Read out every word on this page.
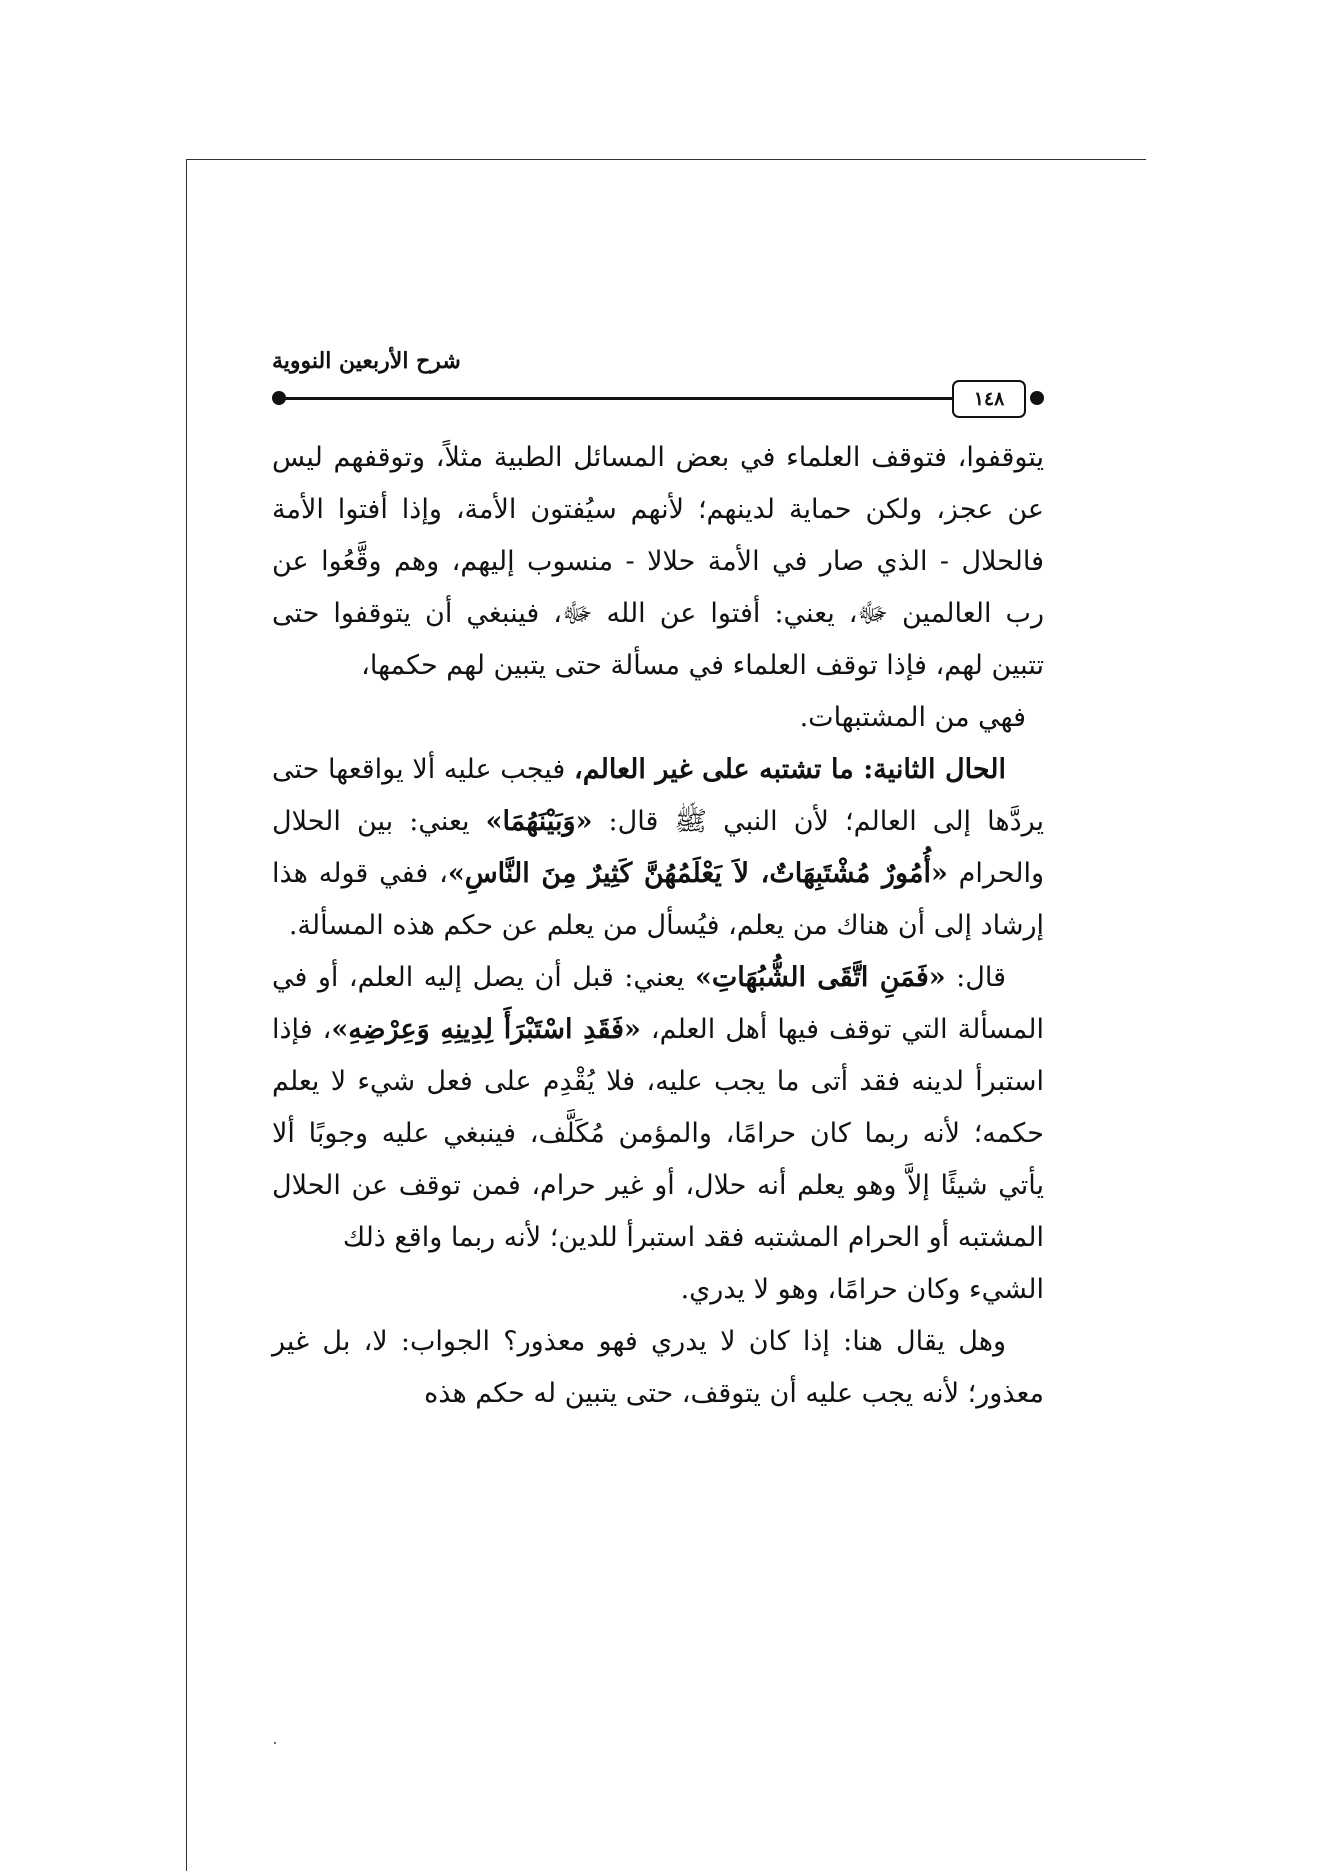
شرح الأربعين النووية
١٤٨

يتوقفوا، فتوقف العلماء في بعض المسائل الطبية مثلاً، وتوقفهم ليس عن عجز، ولكن حماية لدينهم؛ لأنهم سيُفتون الأمة، وإذا أفتوا الأمة فالحلال - الذي صار في الأمة حلالا - منسوب إليهم، وهم وقَّعُوا عن رب العالمين ﷻ، يعني: أفتوا عن الله ﷻ، فينبغي أن يتوقفوا حتى تتبين لهم، فإذا توقف العلماء في مسألة حتى يتبين لهم حكمها،

فهي من المشتبهات.

الحال الثانية: ما تشتبه على غير العالم، فيجب عليه ألا يواقعها حتى يردَّها إلى العالم؛ لأن النبي ﷺ قال: «وَبَيْنَهُمَا» يعني: بين الحلال والحرام «أُمُورٌ مُشْتَبِهَاتٌ، لاَ يَعْلَمُهُنَّ كَثِيرٌ مِنَ النَّاسِ»، ففي قوله هذا إرشاد إلى أن هناك من يعلم، فيُسأل من يعلم عن حكم هذه المسألة.

قال: «فَمَنِ اتَّقَى الشُّبُهَاتِ» يعني: قبل أن يصل إليه العلم، أو في المسألة التي توقف فيها أهل العلم، «فَقَدِ اسْتَبْرَأَ لِدِينِهِ وَعِرْضِهِ»، فإذا استبرأ لدينه فقد أتى ما يجب عليه، فلا يُقْدِم على فعل شيء لا يعلم حكمه؛ لأنه ربما كان حرامًا، والمؤمن مُكَلَّف، فينبغي عليه وجوبًا ألا يأتي شيئًا إلاَّ وهو يعلم أنه حلال، أو غير حرام، فمن توقف عن الحلال المشتبه أو الحرام المشتبه فقد استبرأ للدين؛ لأنه ربما واقع ذلك

الشيء وكان حرامًا، وهو لا يدري.

وهل يقال هنا: إذا كان لا يدري فهو معذور؟ الجواب: لا، بل غير معذور؛ لأنه يجب عليه أن يتوقف، حتى يتبين له حكم هذه
